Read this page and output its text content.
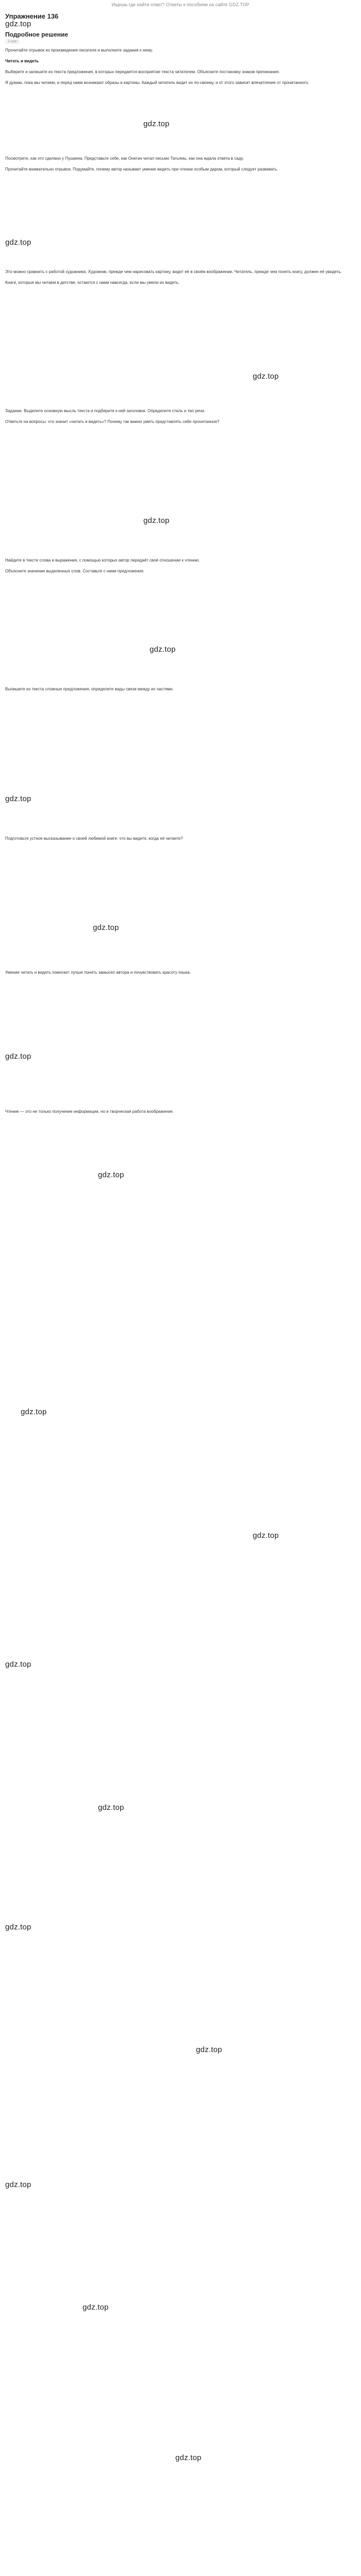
Ищешь где найти ответ? Ответы к пособиям на сайте GDZ.TOP
Упражнение 136
gdz.top
Подробное решение
1 шаг

Прочитайте отрывок из произведения писателя и выполните задания к нему.

Читать и видеть

Выберите и запишите из текста предложения, в которых передается восприятие текста читателем. Объясните постановку знаков препинания.

Я думаю, пока мы читаем, и перед нами возникают образы и картины. Каждый читатель видит их по-своему, и от этого зависит впечатление от прочитанного.

gdz.top

Посмотрите, как это сделано у Пушкина. Представьте себе, как Онегин читал письмо Татьяны, как она ждала ответа в саду.

Прочитайте внимательно отрывок. Подумайте, почему автор называет умение видеть при чтении особым даром, который следует развивать.

gdz.top

Это можно сравнить с работой художника. Художник, прежде чем нарисовать картину, видит её в своём воображении. Читатель, прежде чем понять книгу, должен её увидеть.

Книги, которые мы читаем в детстве, остаются с нами навсегда, если мы умели их видеть.

gdz.top

Задание. Выделите основную мысль текста и подберите к ней заголовок. Определите стиль и тип речи.

Ответьте на вопросы: что значит «читать и видеть»? Почему так важно уметь представлять себе прочитанное?

gdz.top

Найдите в тексте слова и выражения, с помощью которых автор передаёт своё отношение к чтению.

Объясните значение выделенных слов. Составьте с ними предложения.

gdz.top

Выпишите из текста сложные предложения, определите виды связи между их частями.

gdz.top

Подготовьте устное высказывание о своей любимой книге: что вы видите, когда её читаете?

gdz.top

Умение читать и видеть помогает лучше понять замысел автора и почувствовать красоту языка.

gdz.top

Чтение — это не только получение информации, но и творческая работа воображения.

gdz.top
gdz.top
gdz.top
gdz.top
gdz.top
gdz.top
gdz.top
gdz.top
gdz.top
gdz.top
